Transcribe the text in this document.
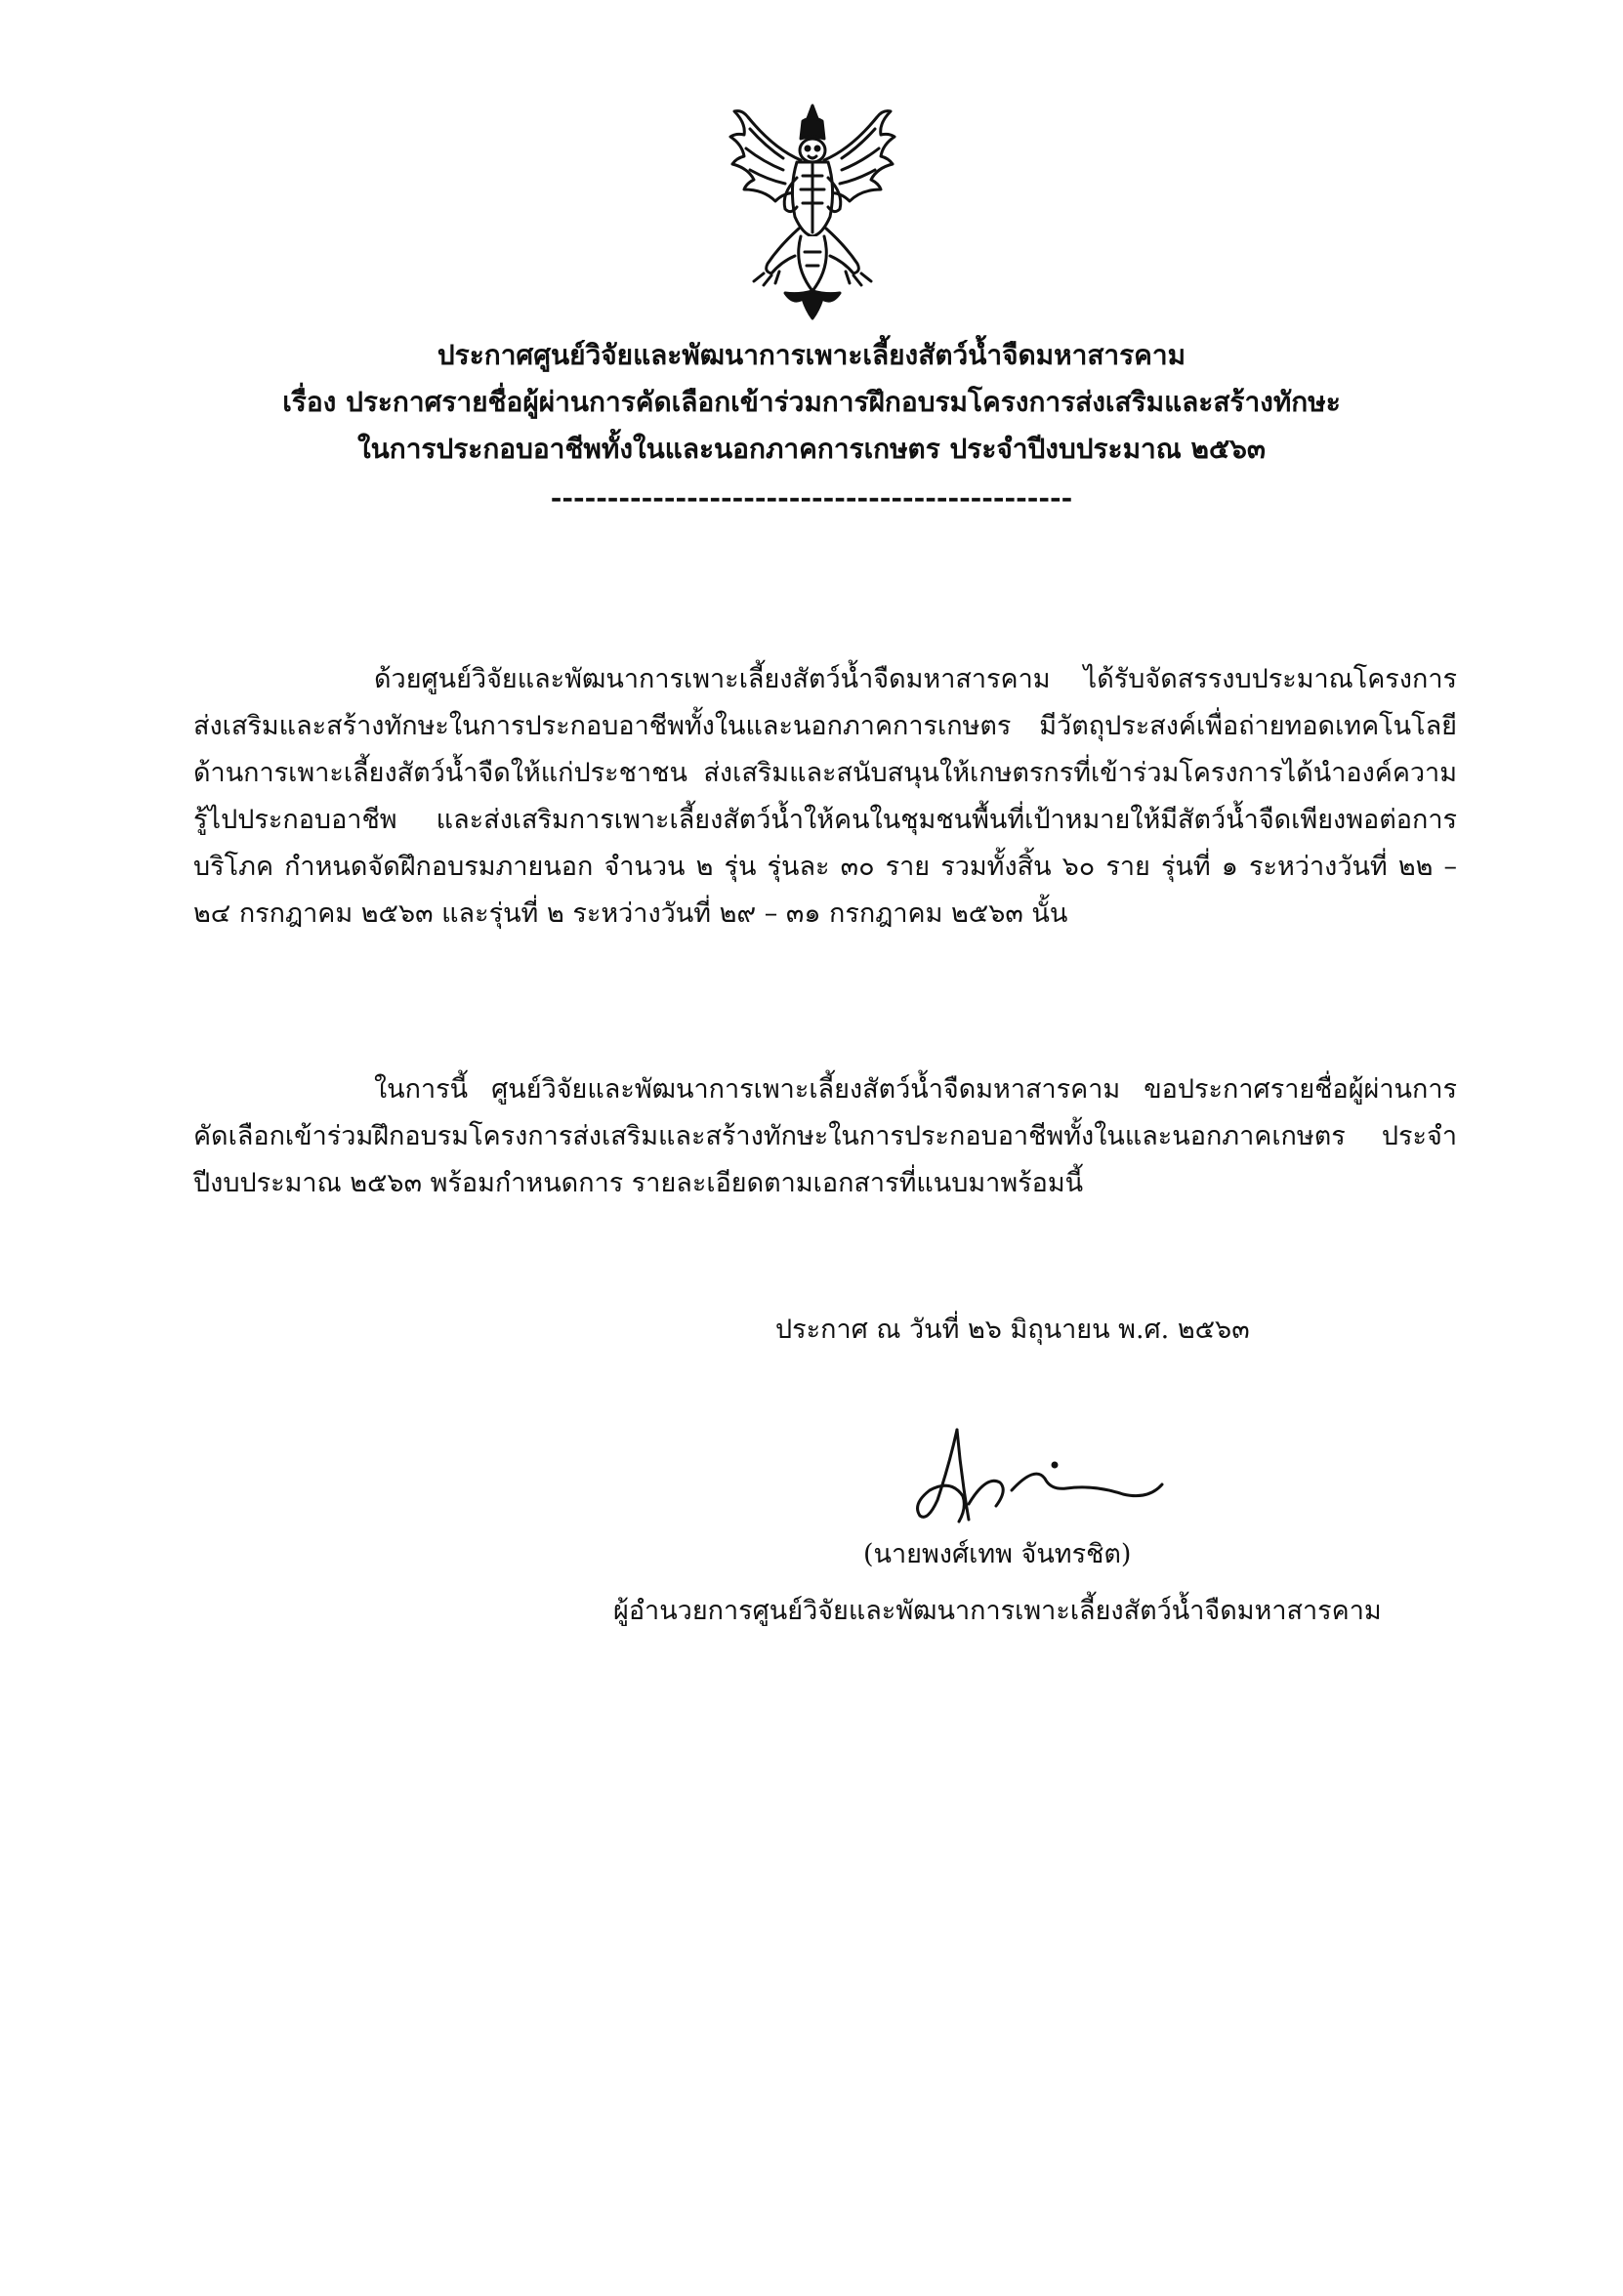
ประกาศศูนย์วิจัยและพัฒนาการเพาะเลี้ยงสัตว์น้ำจืดมหาสารคาม
เรื่อง ประกาศรายชื่อผู้ผ่านการคัดเลือกเข้าร่วมการฝึกอบรมโครงการส่งเสริมและสร้างทักษะ
ในการประกอบอาชีพทั้งในและนอกภาคการเกษตร ประจำปีงบประมาณ ๒๕๖๓
----------------------------------------------

ด้วยศูนย์วิจัยและพัฒนาการเพาะเลี้ยงสัตว์น้ำจืดมหาสารคาม ได้รับจัดสรรงบประมาณโครงการส่งเสริมและสร้างทักษะในการประกอบอาชีพทั้งในและนอกภาคการเกษตร มีวัตถุประสงค์เพื่อถ่ายทอดเทคโนโลยีด้านการเพาะเลี้ยงสัตว์น้ำจืดให้แก่ประชาชน ส่งเสริมและสนับสนุนให้เกษตรกรที่เข้าร่วมโครงการได้นำองค์ความรู้ไปประกอบอาชีพ และส่งเสริมการเพาะเลี้ยงสัตว์น้ำให้คนในชุมชนพื้นที่เป้าหมายให้มีสัตว์น้ำจืดเพียงพอต่อการบริโภค กำหนดจัดฝึกอบรมภายนอก จำนวน ๒ รุ่น รุ่นละ ๓๐ ราย รวมทั้งสิ้น ๖๐ ราย รุ่นที่ ๑ ระหว่างวันที่ ๒๒ – ๒๔ กรกฎาคม ๒๕๖๓ และรุ่นที่ ๒ ระหว่างวันที่ ๒๙ – ๓๑ กรกฎาคม ๒๕๖๓ นั้น

ในการนี้ ศูนย์วิจัยและพัฒนาการเพาะเลี้ยงสัตว์น้ำจืดมหาสารคาม ขอประกาศรายชื่อผู้ผ่านการคัดเลือกเข้าร่วมฝึกอบรมโครงการส่งเสริมและสร้างทักษะในการประกอบอาชีพทั้งในและนอกภาคเกษตร ประจำปีงบประมาณ ๒๕๖๓ พร้อมกำหนดการ รายละเอียดตามเอกสารที่แนบมาพร้อมนี้

ประกาศ ณ วันที่ ๒๖ มิถุนายน พ.ศ. ๒๕๖๓
(นายพงศ์เทพ จันทรชิต)
ผู้อำนวยการศูนย์วิจัยและพัฒนาการเพาะเลี้ยงสัตว์น้ำจืดมหาสารคาม
